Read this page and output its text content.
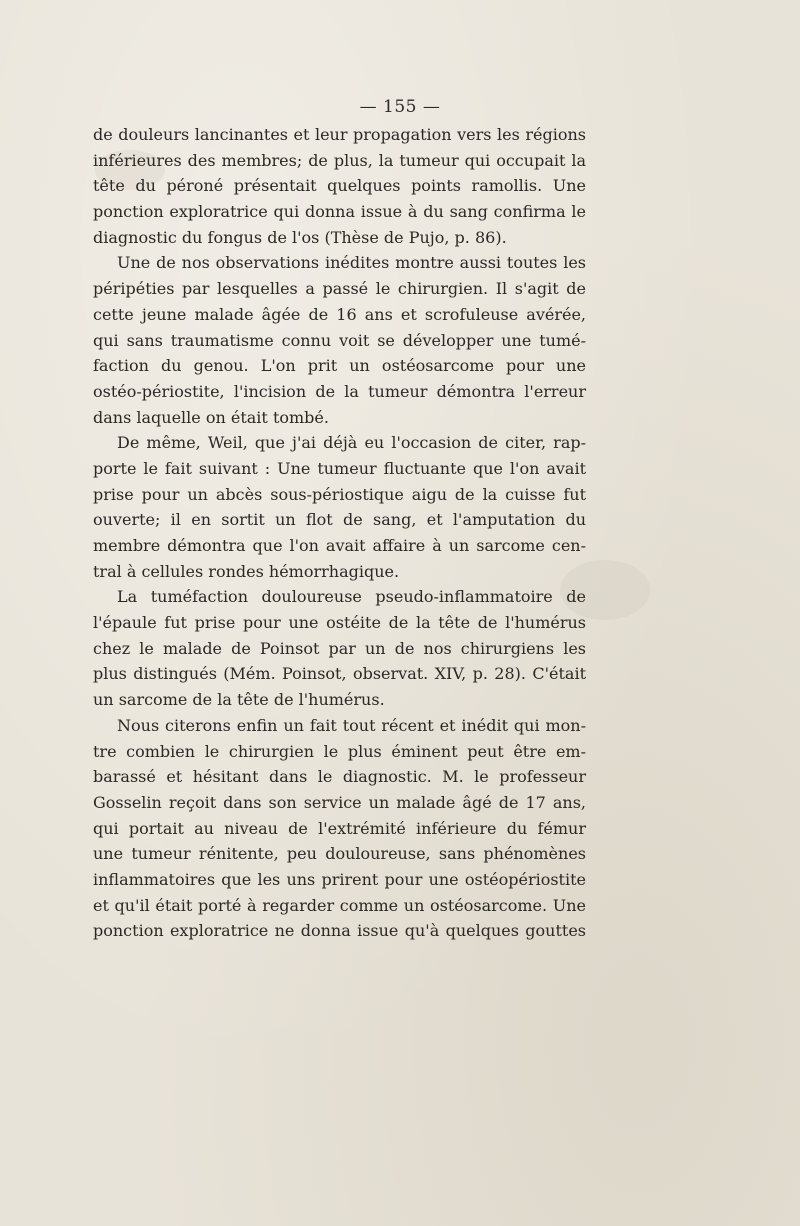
— 155 —
de douleurs lancinantes et leur propagation vers les régions
inférieures des membres; de plus, la tumeur qui occupait la
tête du péroné présentait quelques points ramollis. Une
ponction exploratrice qui donna issue à du sang confirma le
diagnostic du fongus de l'os (Thèse de Pujo, p. 86).
Une de nos observations inédites montre aussi toutes les
péripéties par lesquelles a passé le chirurgien. Il s'agit de
cette jeune malade âgée de 16 ans et scrofuleuse avérée,
qui sans traumatisme connu voit se développer une tumé-
faction du genou. L'on prit un ostéosarcome pour une
ostéo-périostite, l'incision de la tumeur démontra l'erreur
dans laquelle on était tombé.
De même, Weil, que j'ai déjà eu l'occasion de citer, rap-
porte le fait suivant : Une tumeur fluctuante que l'on avait
prise pour un abcès sous-périostique aigu de la cuisse fut
ouverte; il en sortit un flot de sang, et l'amputation du
membre démontra que l'on avait affaire à un sarcome cen-
tral à cellules rondes hémorrhagique.
La tuméfaction douloureuse pseudo-inflammatoire de
l'épaule fut prise pour une ostéite de la tête de l'humérus
chez le malade de Poinsot par un de nos chirurgiens les
plus distingués (Mém. Poinsot, observat. XIV, p. 28). C'était
un sarcome de la tête de l'humérus.
Nous citerons enfin un fait tout récent et inédit qui mon-
tre combien le chirurgien le plus éminent peut être em-
barassé et hésitant dans le diagnostic. M. le professeur
Gosselin reçoit dans son service un malade âgé de 17 ans,
qui portait au niveau de l'extrémité inférieure du fémur
une tumeur rénitente, peu douloureuse, sans phénomènes
inflammatoires que les uns prirent pour une ostéopériostite
et qu'il était porté à regarder comme un ostéosarcome. Une
ponction exploratrice ne donna issue qu'à quelques gouttes
